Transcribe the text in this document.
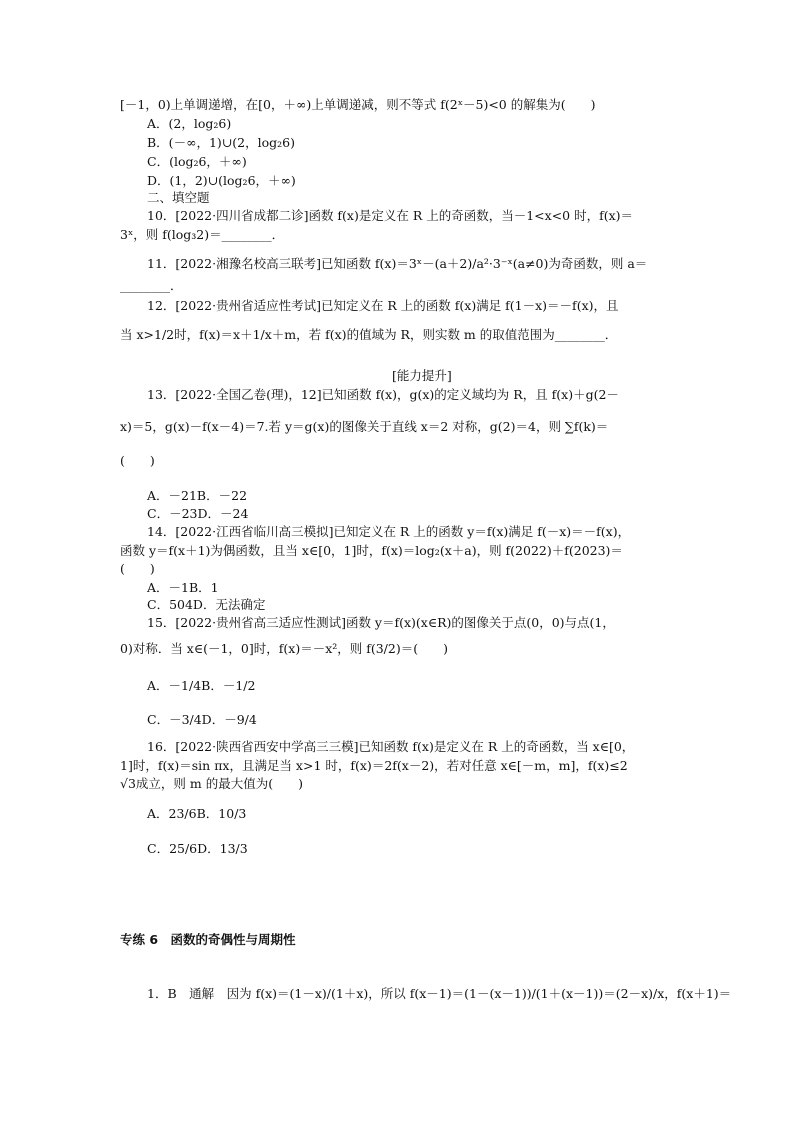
[－1，0)上单调递增，在[0，＋∞)上单调递减，则不等式 f(2ˣ－5)<0 的解集为(　　)
A．(2，log₂6)
B．(－∞，1)∪(2，log₂6)
C．(log₂6，＋∞)
D．(1，2)∪(log₂6，＋∞)
二、填空题
10．[2022·四川省成都二诊]函数 f(x)是定义在 R 上的奇函数，当－1<x<0 时，f(x)＝
3ˣ，则 f(log₃2)＝________．
11．[2022·湘豫名校高三联考]已知函数 f(x)＝3ˣ－(a＋2)/a²·3⁻ˣ(a≠0)为奇函数，则 a＝
________．
12．[2022·贵州省适应性考试]已知定义在 R 上的函数 f(x)满足 f(1－x)＝－f(x)，且
当 x>1/2时，f(x)＝x＋1/x＋m，若 f(x)的值域为 R，则实数 m 的取值范围为________．
[能力提升]
13．[2022·全国乙卷(理)，12]已知函数 f(x)，g(x)的定义域均为 R，且 f(x)＋g(2－
x)＝5，g(x)－f(x－4)＝7.若 y＝g(x)的图像关于直线 x＝2 对称，g(2)＝4，则 ∑f(k)＝
(　　)
A．－21B．－22
C．－23D．－24
14．[2022·江西省临川高三模拟]已知定义在 R 上的函数 y＝f(x)满足 f(－x)＝－f(x)，
函数 y＝f(x＋1)为偶函数，且当 x∈[0，1]时，f(x)＝log₂(x＋a)，则 f(2022)＋f(2023)＝
(　　)
A．－1B．1
C．504D．无法确定
15．[2022·贵州省高三适应性测试]函数 y＝f(x)(x∈R)的图像关于点(0，0)与点(1，
0)对称．当 x∈(－1，0]时，f(x)＝－x²，则 f(3/2)＝(　　)
A．－1/4B．－1/2
C．－3/4D．－9/4
16．[2022·陕西省西安中学高三三模]已知函数 f(x)是定义在 R 上的奇函数，当 x∈[0，
1]时，f(x)＝sin πx，且满足当 x>1 时，f(x)＝2f(x－2)，若对任意 x∈[－m，m]，f(x)≤2
√3成立，则 m 的最大值为(　　)
A．23/6B．10/3
C．25/6D．13/3
专练 6　函数的奇偶性与周期性
1．B　通解　因为 f(x)＝(1－x)/(1＋x)，所以 f(x－1)＝(1－(x－1))/(1＋(x－1))＝(2－x)/x，f(x＋1)＝
